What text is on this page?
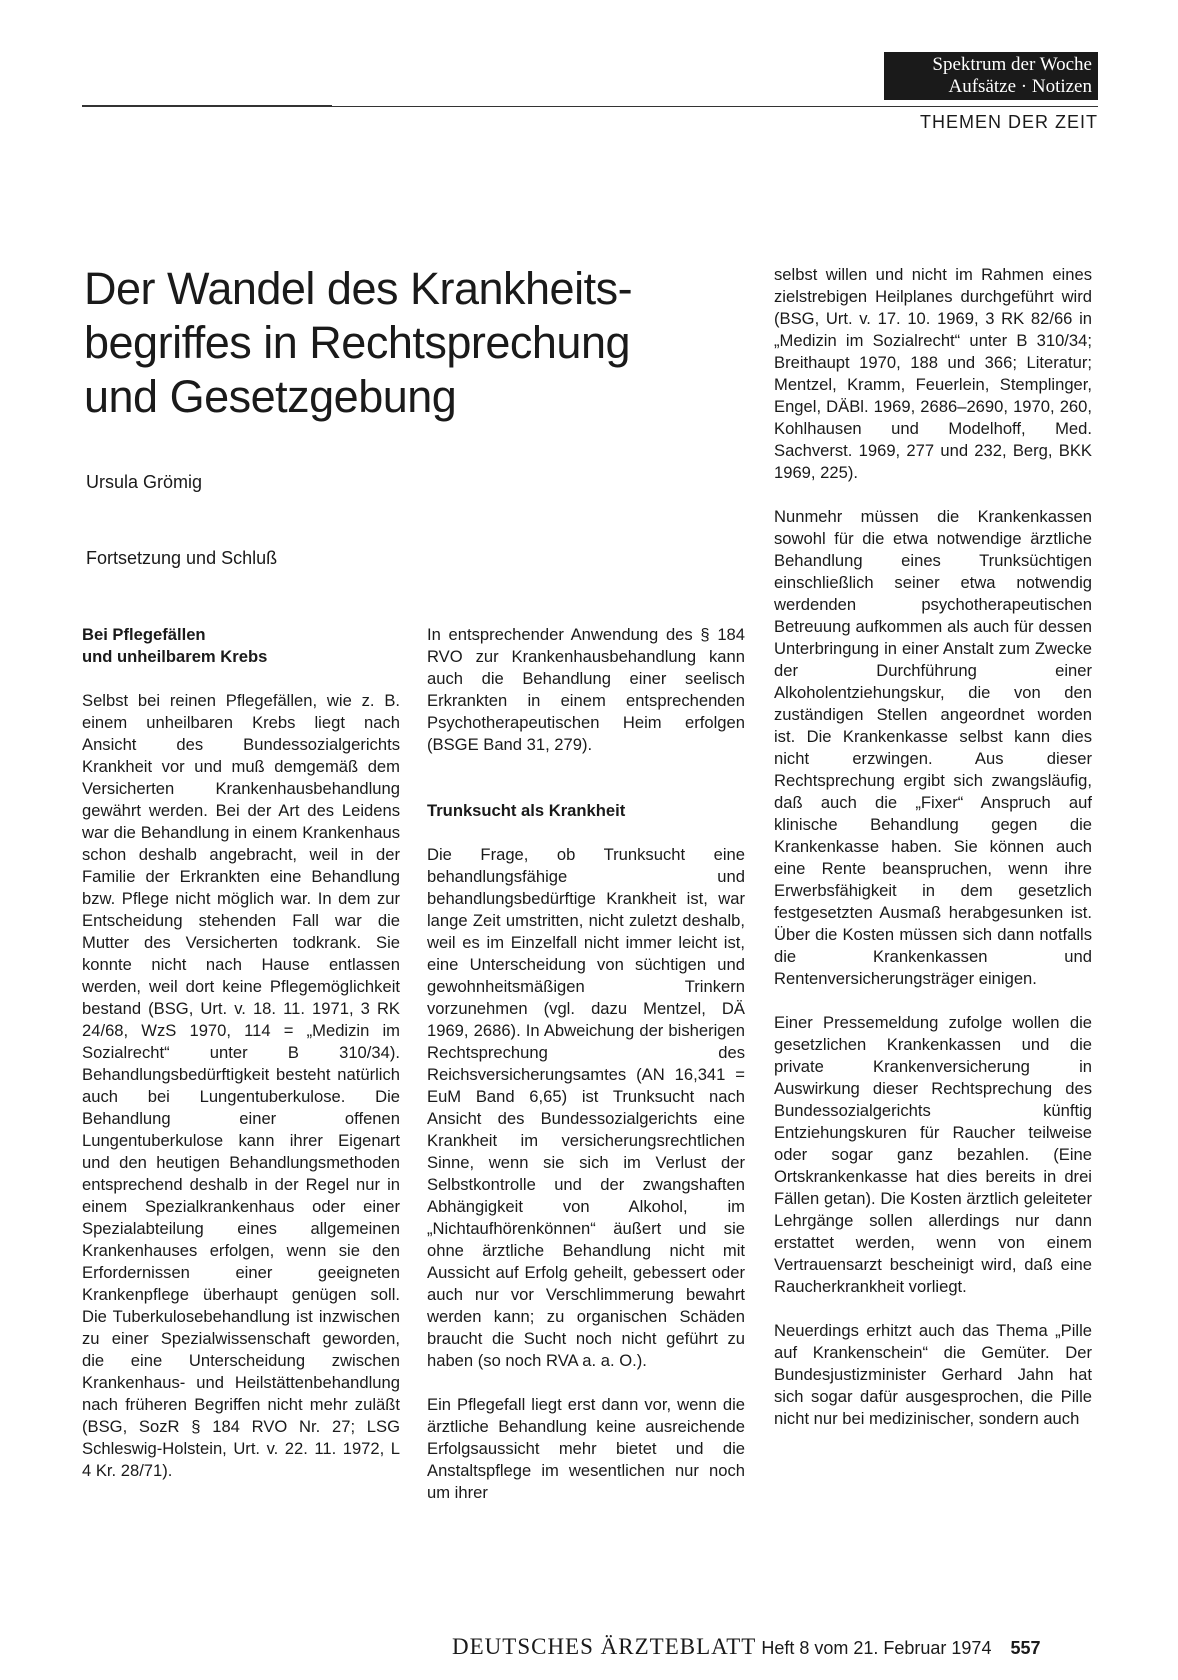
Spektrum der Woche
Aufsätze · Notizen
THEMEN DER ZEIT
Der Wandel des Krankheits-
begriffes in Rechtsprechung
und Gesetzgebung

Ursula Grömig

Fortsetzung und Schluß

Bei Pflegefällen
und unheilbarem Krebs

Selbst bei reinen Pflegefällen, wie z. B. einem unheilbaren Krebs liegt nach Ansicht des Bundessozialgerichts Krankheit vor und muß demgemäß dem Versicherten Krankenhausbehandlung gewährt werden. Bei der Art des Leidens war die Behandlung in einem Krankenhaus schon deshalb angebracht, weil in der Familie der Erkrankten eine Behandlung bzw. Pflege nicht möglich war. In dem zur Entscheidung stehenden Fall war die Mutter des Versicherten todkrank. Sie konnte nicht nach Hause entlassen werden, weil dort keine Pflegemöglichkeit bestand (BSG, Urt. v. 18. 11. 1971, 3 RK 24/68, WzS 1970, 114 = „Medizin im Sozialrecht“ unter B 310/34). Behandlungsbedürftigkeit besteht natürlich auch bei Lungentuberkulose. Die Behandlung einer offenen Lungentuberkulose kann ihrer Eigenart und den heutigen Behandlungsmethoden entsprechend deshalb in der Regel nur in einem Spezialkrankenhaus oder einer Spezialabteilung eines allgemeinen Krankenhauses erfolgen, wenn sie den Erfordernissen einer geeigneten Krankenpflege überhaupt genügen soll. Die Tuberkulosebehandlung ist inzwischen zu einer Spezialwissenschaft geworden, die eine Unterscheidung zwischen Krankenhaus- und Heilstättenbehandlung nach früheren Begriffen nicht mehr zuläßt (BSG, SozR § 184 RVO Nr. 27; LSG Schleswig-Holstein, Urt. v. 22. 11. 1972, L 4 Kr. 28/71).

In entsprechender Anwendung des § 184 RVO zur Krankenhausbehandlung kann auch die Behandlung einer seelisch Erkrankten in einem entsprechenden Psychotherapeutischen Heim erfolgen (BSGE Band 31, 279).

Trunksucht als Krankheit

Die Frage, ob Trunksucht eine behandlungsfähige und behandlungsbedürftige Krankheit ist, war lange Zeit umstritten, nicht zuletzt deshalb, weil es im Einzelfall nicht immer leicht ist, eine Unterscheidung von süchtigen und gewohnheitsmäßigen Trinkern vorzunehmen (vgl. dazu Mentzel, DÄ 1969, 2686). In Abweichung der bisherigen Rechtsprechung des Reichsversicherungsamtes (AN 16,341 = EuM Band 6,65) ist Trunksucht nach Ansicht des Bundessozialgerichts eine Krankheit im versicherungsrechtlichen Sinne, wenn sie sich im Verlust der Selbstkontrolle und der zwangshaften Abhängigkeit von Alkohol, im „Nichtaufhörenkönnen“ äußert und sie ohne ärztliche Behandlung nicht mit Aussicht auf Erfolg geheilt, gebessert oder auch nur vor Verschlimmerung bewahrt werden kann; zu organischen Schäden braucht die Sucht noch nicht geführt zu haben (so noch RVA a. a. O.).

Ein Pflegefall liegt erst dann vor, wenn die ärztliche Behandlung keine ausreichende Erfolgsaussicht mehr bietet und die Anstaltspflege im wesentlichen nur noch um ihrer

selbst willen und nicht im Rahmen eines zielstrebigen Heilplanes durchgeführt wird (BSG, Urt. v. 17. 10. 1969, 3 RK 82/66 in „Medizin im Sozialrecht“ unter B 310/34; Breithaupt 1970, 188 und 366; Literatur; Mentzel, Kramm, Feuerlein, Stemplinger, Engel, DÄBl. 1969, 2686–2690, 1970, 260, Kohlhausen und Modelhoff, Med. Sachverst. 1969, 277 und 232, Berg, BKK 1969, 225).

Nunmehr müssen die Krankenkassen sowohl für die etwa notwendige ärztliche Behandlung eines Trunksüchtigen einschließlich seiner etwa notwendig werdenden psychotherapeutischen Betreuung aufkommen als auch für dessen Unterbringung in einer Anstalt zum Zwecke der Durchführung einer Alkoholentziehungskur, die von den zuständigen Stellen angeordnet worden ist. Die Krankenkasse selbst kann dies nicht erzwingen. Aus dieser Rechtsprechung ergibt sich zwangsläufig, daß auch die „Fixer“ Anspruch auf klinische Behandlung gegen die Krankenkasse haben. Sie können auch eine Rente beanspruchen, wenn ihre Erwerbsfähigkeit in dem gesetzlich festgesetzten Ausmaß herabgesunken ist. Über die Kosten müssen sich dann notfalls die Krankenkassen und Rentenversicherungsträger einigen.

Einer Pressemeldung zufolge wollen die gesetzlichen Krankenkassen und die private Krankenversicherung in Auswirkung dieser Rechtsprechung des Bundessozialgerichts künftig Entziehungskuren für Raucher teilweise oder sogar ganz bezahlen. (Eine Ortskrankenkasse hat dies bereits in drei Fällen getan). Die Kosten ärztlich geleiteter Lehrgänge sollen allerdings nur dann erstattet werden, wenn von einem Vertrauensarzt bescheinigt wird, daß eine Raucherkrankheit vorliegt.

Neuerdings erhitzt auch das Thema „Pille auf Krankenschein“ die Gemüter. Der Bundesjustizminister Gerhard Jahn hat sich sogar dafür ausgesprochen, die Pille nicht nur bei medizinischer, sondern auch

DEUTSCHES ÄRZTEBLATT Heft 8 vom 21. Februar 1974 557
